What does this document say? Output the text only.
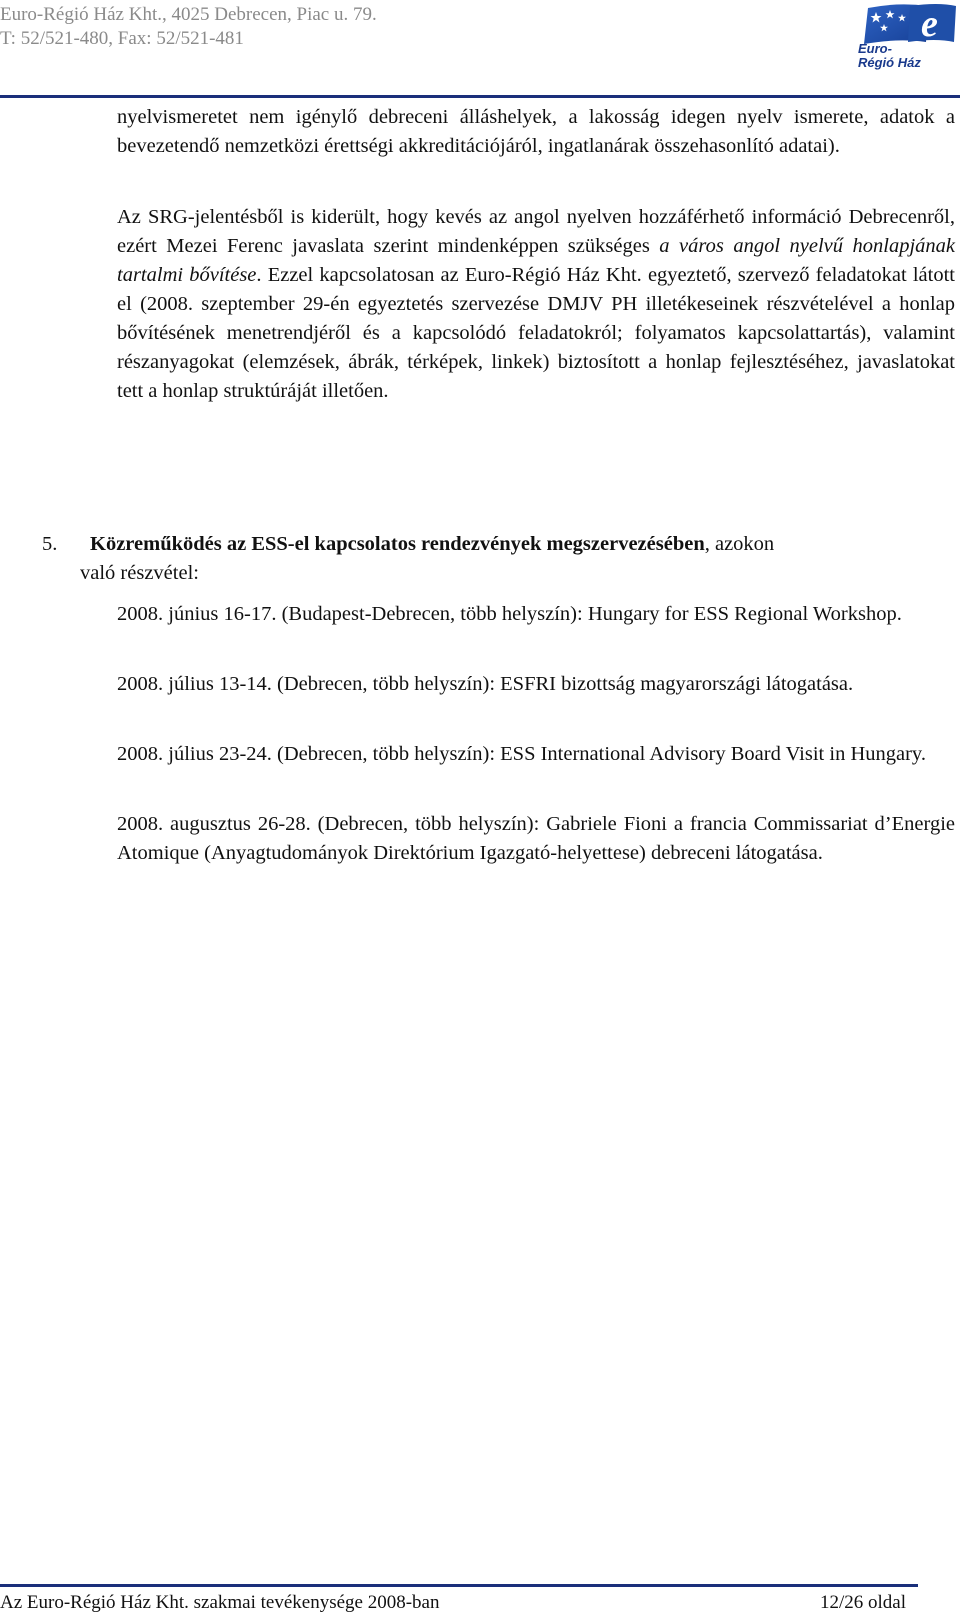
Euro-Régió Ház Kht., 4025 Debrecen, Piac u. 79.
T: 52/521-480, Fax: 52/521-481	e
Euro-
Régió Ház

nyelvismeretet nem igénylő debreceni álláshelyek, a lakosság idegen nyelv ismerete, adatok a bevezetendő nemzetközi érettségi akkreditációjáról, ingatlanárak összehasonlító adatai).

Az SRG-jelentésből is kiderült, hogy kevés az angol nyelven hozzáférhető információ Debrecenről, ezért Mezei Ferenc javaslata szerint mindenképpen szükséges a város angol nyelvű honlapjának tartalmi bővítése. Ezzel kapcsolatosan az Euro-Régió Ház Kht. egyeztető, szervező feladatokat látott el (2008. szeptember 29-én egyeztetés szervezése DMJV PH illetékeseinek részvételével a honlap bővítésének menetrendjéről és a kapcsolódó feladatokról; folyamatos kapcsolattartás), valamint részanyagokat (elemzések, ábrák, térképek, linkek) biztosított a honlap fejlesztéséhez, javaslatokat tett a honlap struktúráját illetően.

5. Közreműködés az ESS-el kapcsolatos rendezvények megszervezésében, azokon
való részvétel:

2008. június 16-17. (Budapest-Debrecen, több helyszín): Hungary for ESS Regional Workshop.

2008. július 13-14. (Debrecen, több helyszín): ESFRI bizottság magyarországi látogatása.

2008. július 23-24. (Debrecen, több helyszín): ESS International Advisory Board Visit in Hungary.

2008. augusztus 26-28. (Debrecen, több helyszín): Gabriele Fioni a francia Commissariat d’Energie Atomique (Anyagtudományok Direktórium Igazgató-helyettese) debreceni látogatása.

Az Euro-Régió Ház Kht. szakmai tevékenysége 2008-ban	12/26 oldal
